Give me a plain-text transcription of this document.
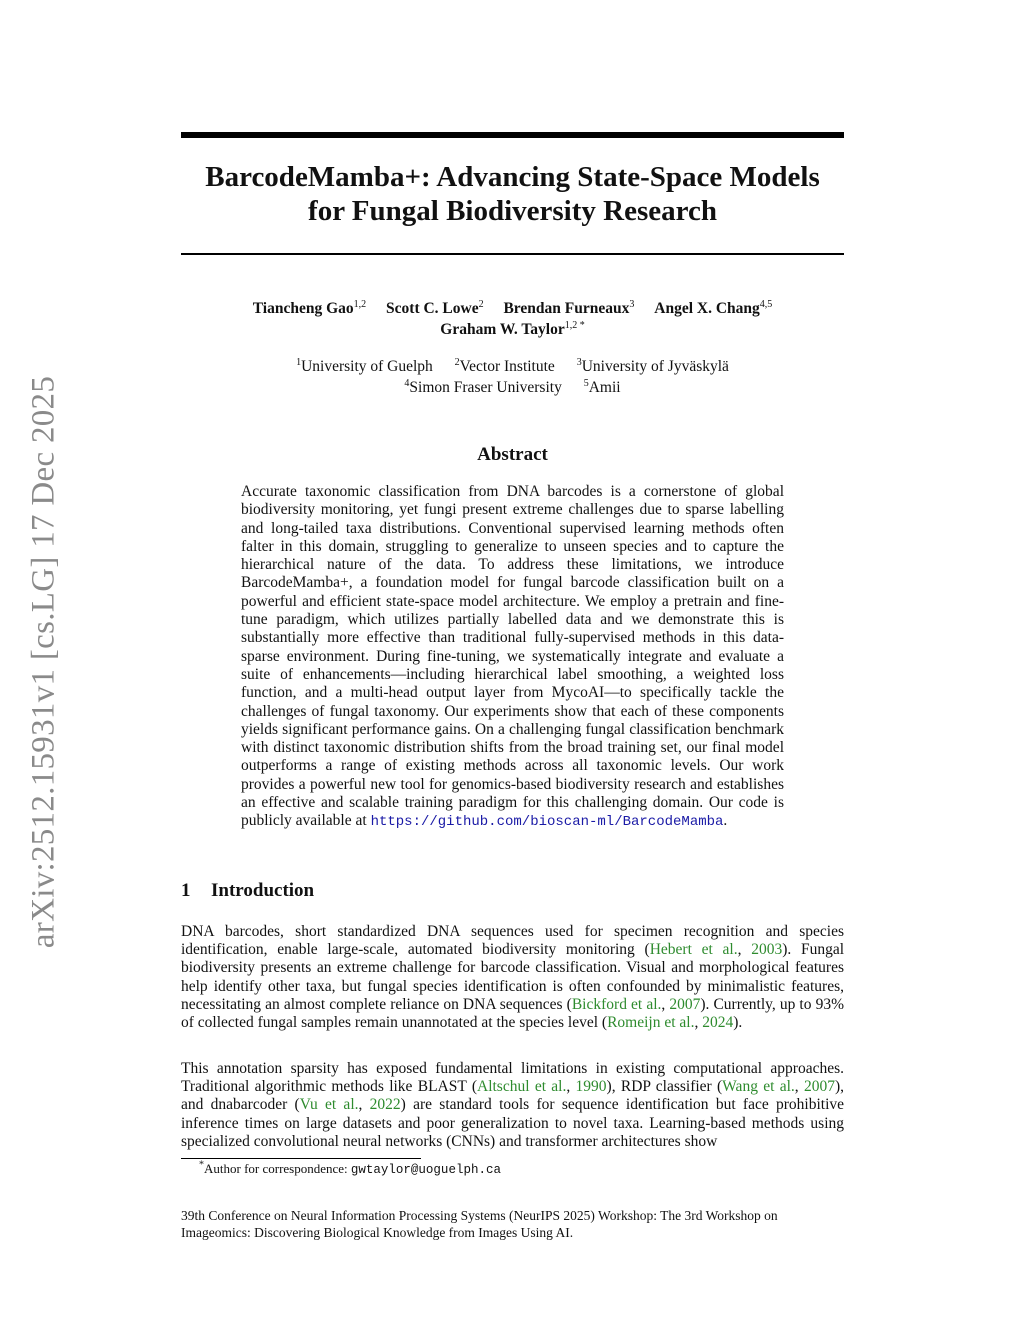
arXiv:2512.15931v1 [cs.LG] 17 Dec 2025
BarcodeMamba+: Advancing State-Space Models
for Fungal Biodiversity Research
Tiancheng Gao$^{1,2}$ Scott C. Lowe$^2$ Brendan Furneaux$^3$ Angel X. Chang$^{4,5}$
Graham W. Taylor$^{1,2 *}$
$^1$University of Guelph $^2$Vector Institute $^3$University of Jyväskylä
$^4$Simon Fraser University $^5$Amii
Abstract
Accurate taxonomic classification from DNA barcodes is a cornerstone of global biodiversity monitoring, yet fungi present extreme challenges due to sparse labelling and long-tailed taxa distributions. Conventional supervised learning methods often falter in this domain, struggling to generalize to unseen species and to capture the hierarchical nature of the data. To address these limitations, we introduce BarcodeMamba+, a foundation model for fungal barcode classification built on a powerful and efficient state-space model architecture. We employ a pretrain and fine-tune paradigm, which utilizes partially labelled data and we demonstrate this is substantially more effective than traditional fully-supervised methods in this data-sparse environment. During fine-tuning, we systematically integrate and evaluate a suite of enhancements—including hierarchical label smoothing, a weighted loss function, and a multi-head output layer from MycoAI—to specifically tackle the challenges of fungal taxonomy. Our experiments show that each of these components yields significant performance gains. On a challenging fungal classification benchmark with distinct taxonomic distribution shifts from the broad training set, our final model outperforms a range of existing methods across all taxonomic levels. Our work provides a powerful new tool for genomics-based biodiversity research and establishes an effective and scalable training paradigm for this challenging domain. Our code is publicly available at https://github.com/bioscan-ml/BarcodeMamba.
1 Introduction
DNA barcodes, short standardized DNA sequences used for specimen recognition and species identification, enable large-scale, automated biodiversity monitoring (Hebert et al., 2003). Fungal biodiversity presents an extreme challenge for barcode classification. Visual and morphological features help identify other taxa, but fungal species identification is often confounded by minimalistic features, necessitating an almost complete reliance on DNA sequences (Bickford et al., 2007). Currently, up to 93% of collected fungal samples remain unannotated at the species level (Romeijn et al., 2024).
This annotation sparsity has exposed fundamental limitations in existing computational approaches. Traditional algorithmic methods like BLAST (Altschul et al., 1990), RDP classifier (Wang et al., 2007), and dnabarcoder (Vu et al., 2022) are standard tools for sequence identification but face prohibitive inference times on large datasets and poor generalization to novel taxa. Learning-based methods using specialized convolutional neural networks (CNNs) and transformer architectures show
*Author for correspondence: gwtaylor@uoguelph.ca
39th Conference on Neural Information Processing Systems (NeurIPS 2025) Workshop: The 3rd Workshop on Imageomics: Discovering Biological Knowledge from Images Using AI.
